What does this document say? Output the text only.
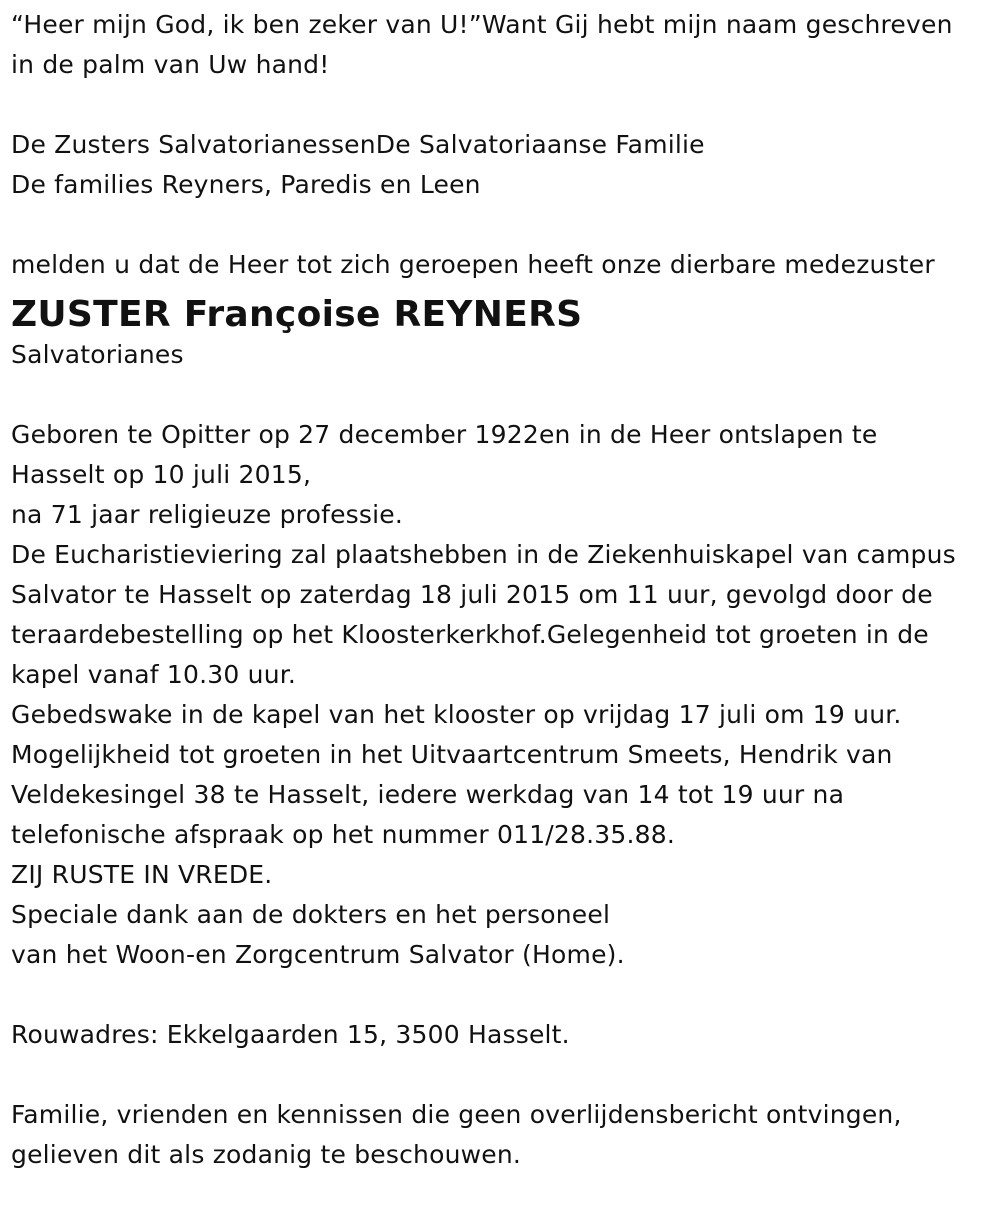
“Heer mijn God, ik ben zeker van U!”Want Gij hebt mijn naam geschreven
in de palm van Uw hand!
De Zusters SalvatorianessenDe Salvatoriaanse Familie
De families Reyners, Paredis en Leen
melden u dat de Heer tot zich geroepen heeft onze dierbare medezuster
ZUSTER Françoise REYNERS
Salvatorianes
Geboren te Opitter op 27 december 1922en in de Heer ontslapen te
Hasselt op 10 juli 2015,
na 71 jaar religieuze professie.
De Eucharistieviering zal plaatshebben in de Ziekenhuiskapel van campus
Salvator te Hasselt op zaterdag 18 juli 2015 om 11 uur, gevolgd door de
teraardebestelling op het Kloosterkerkhof.Gelegenheid tot groeten in de
kapel vanaf 10.30 uur.
Gebedswake in de kapel van het klooster op vrijdag 17 juli om 19 uur.
Mogelijkheid tot groeten in het Uitvaartcentrum Smeets, Hendrik van
Veldekesingel 38 te Hasselt, iedere werkdag van 14 tot 19 uur na
telefonische afspraak op het nummer 011/28.35.88.
ZIJ RUSTE IN VREDE.
Speciale dank aan de dokters en het personeel
van het Woon-en Zorgcentrum Salvator (Home).
Rouwadres: Ekkelgaarden 15, 3500 Hasselt.
Familie, vrienden en kennissen die geen overlijdensbericht ontvingen,
gelieven dit als zodanig te beschouwen.
